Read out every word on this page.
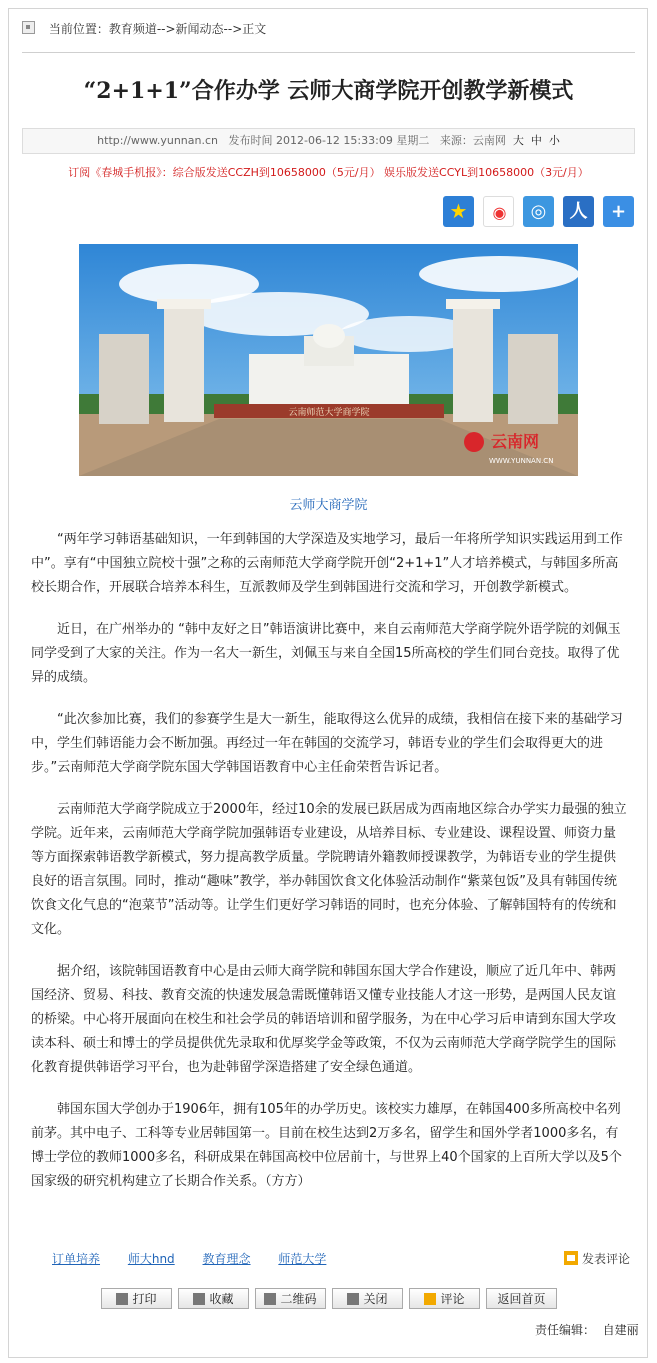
当前位置：教育频道-->新闻动态-->正文
“2+1+1”合作办学 云师大商学院开创教学新模式
http://www.yunnan.cn 发布时间 2012-06-12 15:33:09 星期二 来源：云南网 大 中 小
订阅《春城手机报》：综合版发送CCZH到10658000（5元/月） 娱乐版发送CCYL到10658000（3元/月）
★	◉	◎	人	+
云南师范大学商学院
云南网
WWW.YUNNAN.CN
云师大商学院

“两年学习韩语基础知识，一年到韩国的大学深造及实地学习，最后一年将所学知识实践运用到工作中”。享有“中国独立院校十强”之称的云南师范大学商学院开创“2+1+1”人才培养模式，与韩国多所高校长期合作，开展联合培养本科生，互派教师及学生到韩国进行交流和学习，开创教学新模式。

近日，在广州举办的 “韩中友好之日”韩语演讲比赛中，来自云南师范大学商学院外语学院的刘佩玉同学受到了大家的关注。作为一名大一新生，刘佩玉与来自全国15所高校的学生们同台竞技。取得了优异的成绩。

“此次参加比赛，我们的参赛学生是大一新生，能取得这么优异的成绩，我相信在接下来的基础学习中，学生们韩语能力会不断加强。再经过一年在韩国的交流学习，韩语专业的学生们会取得更大的进步。”云南师范大学商学院东国大学韩国语教育中心主任俞荣哲告诉记者。

云南师范大学商学院成立于2000年，经过10余的发展已跃居成为西南地区综合办学实力最强的独立学院。近年来，云南师范大学商学院加强韩语专业建设，从培养目标、专业建设、课程设置、师资力量等方面探索韩语教学新模式，努力提高教学质量。学院聘请外籍教师授课教学，为韩语专业的学生提供良好的语言氛围。同时，推动“趣味”教学，举办韩国饮食文化体验活动制作“紫菜包饭”及具有韩国传统饮食文化气息的“泡菜节”活动等。让学生们更好学习韩语的同时，也充分体验、了解韩国特有的传统和文化。

据介绍，该院韩国语教育中心是由云师大商学院和韩国东国大学合作建设，顺应了近几年中、韩两国经济、贸易、科技、教育交流的快速发展急需既懂韩语又懂专业技能人才这一形势，是两国人民友谊的桥梁。中心将开展面向在校生和社会学员的韩语培训和留学服务，为在中心学习后申请到东国大学攻读本科、硕士和博士的学员提供优先录取和优厚奖学金等政策，不仅为云南师范大学商学院学生的国际化教育提供韩语学习平台，也为赴韩留学深造搭建了安全绿色通道。

韩国东国大学创办于1906年，拥有105年的办学历史。该校实力雄厚，在韩国400多所高校中名列前茅。其中电子、工科等专业居韩国第一。目前在校生达到2万多名，留学生和国外学者1000多名，有博士学位的教师1000多名，科研成果在韩国高校中位居前十，与世界上40个国家的上百所大学以及5个国家级的研究机构建立了长期合作关系。（方方）

订单培养 师大hnd 教育理念 师范大学	发表评论
打印	收藏	二维码	关闭	评论	返回首页
责任编辑： 自建丽
